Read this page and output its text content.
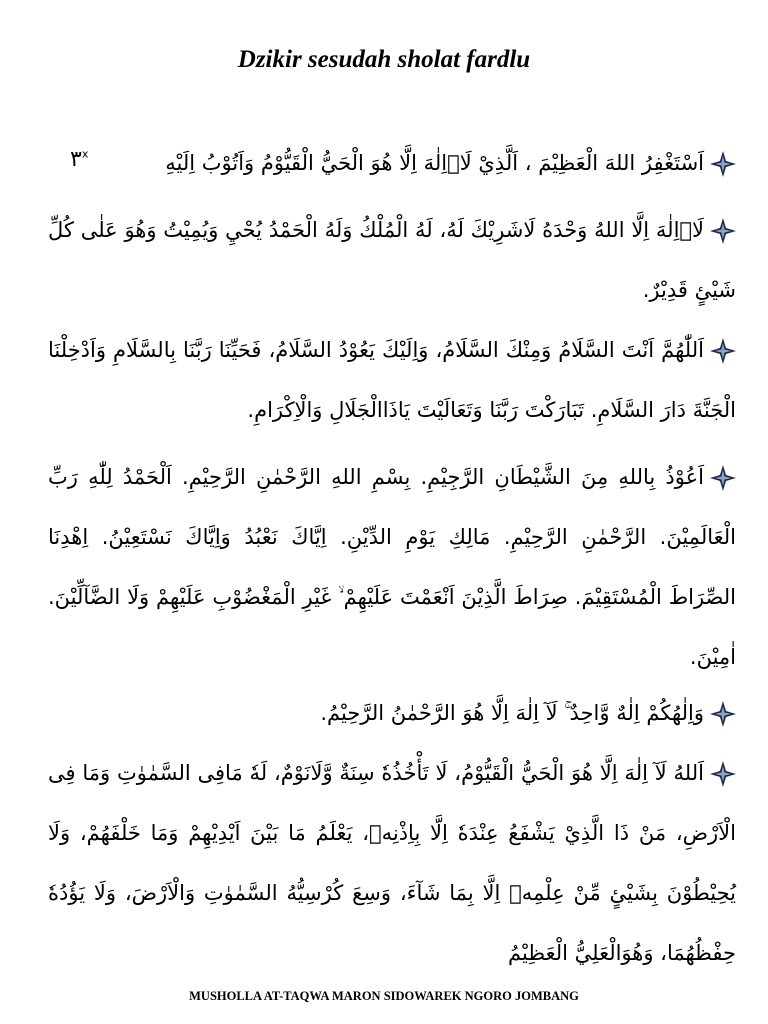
Dzikir sesudah sholat fardlu
٣$^x$	اَسْتَغْفِرُ اللهَ الْعَظِيْمَ ، اَلَّذِيْ لَاۤاِلٰهَ اِلَّا هُوَ الْحَيُّ الْقَيُّوْمُ وَاَتُوْبُ اِلَيْهِ
لَاۤاِلٰهَ اِلَّا اللهُ وَحْدَهُ لَاشَرِيْكَ لَهُ، لَهُ الْمُلْكُ وَلَهُ الْحَمْدُ يُحْيِ وَيُمِيْتُ وَهُوَ عَلٰى كُلِّ شَيْئٍ قَدِيْرٌ.
اَللّٰهُمَّ اَنْتَ السَّلَامُ وَمِنْكَ السَّلَامُ، وَاِلَيْكَ يَعُوْدُ السَّلَامُ، فَحَيِّنَا رَبَّنَا بِالسَّلَامِ وَاَدْخِلْنَا الْجَنَّةَ دَارَ السَّلَامِ. تَبَارَكْتَ رَبَّنَا وَتَعَالَيْتَ يَاذَاالْجَلَالِ وَالْاِكْرَامِ.
اَعُوْذُ بِاللهِ مِنَ الشَّيْطَانِ الرَّجِيْمِ. بِسْمِ اللهِ الرَّحْمٰنِ الرَّحِيْمِ. اَلْحَمْدُ لِلّٰهِ رَبِّ الْعَالَمِيْنَ. الرَّحْمٰنِ الرَّحِيْمِ. مَالِكِ يَوْمِ الدِّيْنِ. اِيَّاكَ نَعْبُدُ وَاِيَّاكَ نَسْتَعِيْنُ. اِهْدِنَا الصِّرَاطَ الْمُسْتَقِيْمَ. صِرَاطَ الَّذِيْنَ اَنْعَمْتَ عَلَيْهِمْ ۙ غَيْرِ الْمَغْضُوْبِ عَلَيْهِمْ وَلَا الضَّآلِّيْنَ. اٰمِيْنَ.
وَاِلٰهُكُمْ اِلٰهٌ وَّاحِدٌ ۚ لَآ اِلٰهَ اِلَّا هُوَ الرَّحْمٰنُ الرَّحِيْمُ.
اَللهُ لَآ اِلٰهَ اِلَّا هُوَ الْحَيُّ الْقَيُّوْمُ، لَا تَأْخُذُهٗ سِنَةٌ وَّلَانَوْمٌ، لَهٗ مَافِى السَّمٰوٰتِ وَمَا فِى الْاَرْضِ، مَنْ ذَا الَّذِيْ يَشْفَعُ عِنْدَهٗ اِلَّا بِاِذْنِهٖ، يَعْلَمُ مَا بَيْنَ اَيْدِيْهِمْ وَمَا خَلْفَهُمْ، وَلَا يُحِيْطُوْنَ بِشَيْئٍ مِّنْ عِلْمِهٖ اِلَّا بِمَا شَآءَ، وَسِعَ كُرْسِيُّهُ السَّمٰوٰتِ وَالْاَرْضَ، وَلَا يَؤُدُهٗ حِفْظُهُمَا، وَهُوَالْعَلِيُّ الْعَظِيْمُ
MUSHOLLA AT-TAQWA MARON SIDOWAREK NGORO JOMBANG
